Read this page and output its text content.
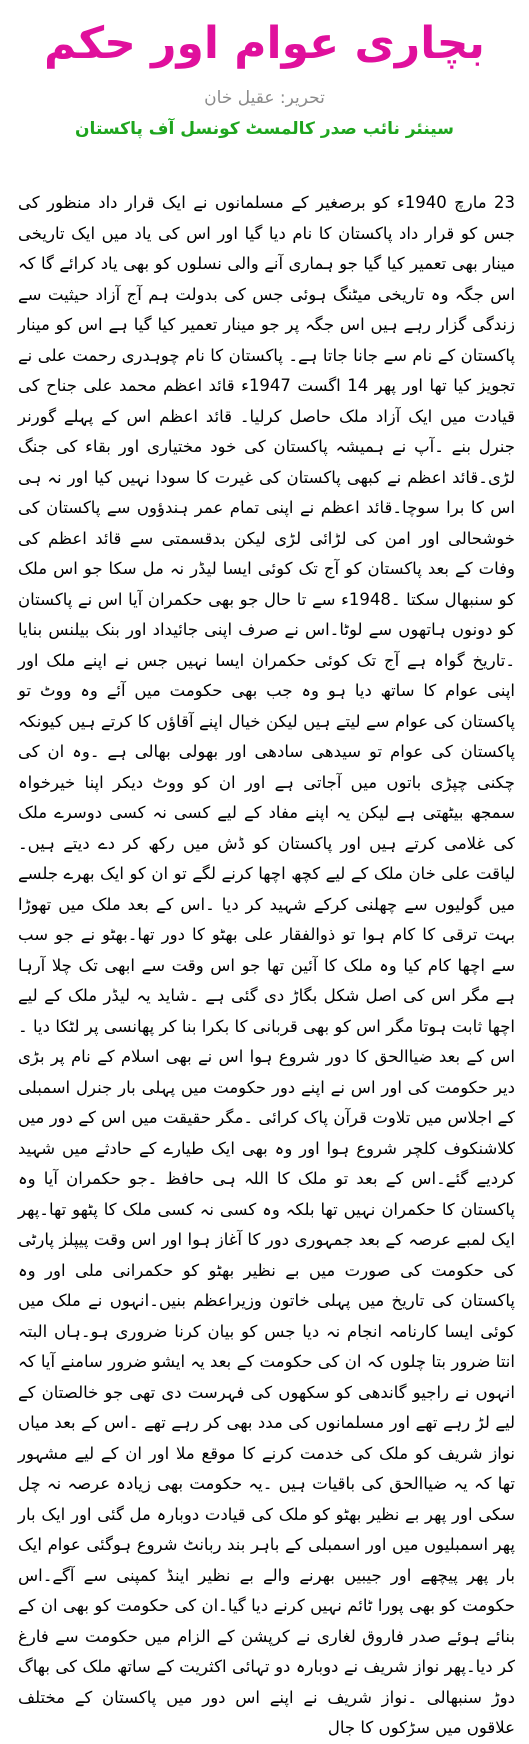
بچاری عوام اور حکم
تحریر: عقیل خان
سینئر نائب صدر کالمسٹ کونسل آف پاکستان
23 مارچ 1940ء کو برصغیر کے مسلمانوں نے ایک قرار داد منظور کی جس کو قرار داد پاکستان کا نام دیا گیا اور اس کی یاد میں ایک تاریخی مینار بھی تعمیر کیا گیا جو ہماری آنے والی نسلوں کو بھی یاد کرائے گا کہ اس جگہ وہ تاریخی میٹنگ ہوئی جس کی بدولت ہم آج آزاد حیثیت سے زندگی گزار رہے ہیں اس جگہ پر جو مینار تعمیر کیا گیا ہے اس کو مینار پاکستان کے نام سے جانا جاتا ہے۔ پاکستان کا نام چوہدری رحمت علی نے تجویز کیا تھا اور پھر 14 اگست 1947ء قائد اعظم محمد علی جناح کی قیادت میں ایک آزاد ملک حاصل کرلیا۔ قائد اعظم اس کے پہلے گورنر جنرل بنے ۔آپ نے ہمیشہ پاکستان کی خود مختیاری اور بقاء کی جنگ لڑی۔قائد اعظم نے کبھی پاکستان کی غیرت کا سودا نہیں کیا اور نہ ہی اس کا برا سوچا۔قائد اعظم نے اپنی تمام عمر ہندؤوں سے پاکستان کی خوشحالی اور امن کی لڑائی لڑی لیکن بدقسمتی سے قائد اعظم کی وفات کے بعد پاکستان کو آج تک کوئی ایسا لیڈر نہ مل سکا جو اس ملک کو سنبھال سکتا ۔1948ء سے تا حال جو بھی حکمران آیا اس نے پاکستان کو دونوں ہاتھوں سے لوٹا۔اس نے صرف اپنی جائیداد اور بنک بیلنس بنایا ۔تاریخ گواہ ہے آج تک کوئی حکمران ایسا نہیں جس نے اپنے ملک اور اپنی عوام کا ساتھ دیا ہو وہ جب بھی حکومت میں آئے وہ ووٹ تو پاکستان کی عوام سے لیتے ہیں لیکن خیال اپنے آقاؤں کا کرتے ہیں کیونکہ پاکستان کی عوام تو سیدھی سادھی اور بھولی بھالی ہے ۔وہ ان کی چکنی چپڑی باتوں میں آجاتی ہے اور ان کو ووٹ دیکر اپنا خیرخواہ سمجھ بیٹھتی ہے لیکن یہ اپنے مفاد کے لیے کسی نہ کسی دوسرے ملک کی غلامی کرتے ہیں اور پاکستان کو ڈش میں رکھ کر دے دیتے ہیں۔لیاقت علی خان ملک کے لیے کچھ اچھا کرنے لگے تو ان کو ایک بھرے جلسے میں گولیوں سے چھلنی کرکے شہید کر دیا ۔اس کے بعد ملک میں تھوڑا بہت ترقی کا کام ہوا تو ذوالفقار علی بھٹو کا دور تھا۔بھٹو نے جو سب سے اچھا کام کیا وہ ملک کا آئین تھا جو اس وقت سے ابھی تک چلا آرہا ہے مگر اس کی اصل شکل بگاڑ دی گئی ہے ۔شاید یہ لیڈر ملک کے لیے اچھا ثابت ہوتا مگر اس کو بھی قربانی کا بکرا بنا کر پھانسی پر لٹکا دیا ۔اس کے بعد ضیاالحق کا دور شروع ہوا اس نے بھی اسلام کے نام پر بڑی دیر حکومت کی اور اس نے اپنے دور حکومت میں پہلی بار جنرل اسمبلی کے اجلاس میں تلاوت قرآن پاک کرائی ۔مگر حقیقت میں اس کے دور میں کلاشنکوف کلچر شروع ہوا اور وہ بھی ایک طیارے کے حادثے میں شہید کردیے گئے۔اس کے بعد تو ملک کا اللہ ہی حافظ ۔جو حکمران آیا وہ پاکستان کا حکمران نہیں تھا بلکہ وہ کسی نہ کسی ملک کا پٹھو تھا۔پھر ایک لمبے عرصہ کے بعد جمہوری دور کا آغاز ہوا اور اس وقت پیپلز پارٹی کی حکومت کی صورت میں بے نظیر بھٹو کو حکمرانی ملی اور وہ پاکستان کی تاریخ میں پہلی خاتون وزیراعظم بنیں۔انہوں نے ملک میں کوئی ایسا کارنامہ انجام نہ دیا جس کو بیان کرنا ضروری ہو۔ہاں البتہ انتا ضرور بتا چلوں کہ ان کی حکومت کے بعد یہ ایشو ضرور سامنے آیا کہ انہوں نے راجیو گاندھی کو سکھوں کی فہرست دی تھی جو خالصتان کے لیے لڑ رہے تھے اور مسلمانوں کی مدد بھی کر رہے تھے ۔اس کے بعد میاں نواز شریف کو ملک کی خدمت کرنے کا موقع ملا اور ان کے لیے مشہور تھا کہ یہ ضیاالحق کی باقیات ہیں ۔یہ حکومت بھی زیادہ عرصہ نہ چل سکی اور پھر بے نظیر بھٹو کو ملک کی قیادت دوبارہ مل گئی اور ایک بار پھر اسمبلیوں میں اور اسمبلی کے باہر بند ربانٹ شروع ہوگئی عوام ایک بار پھر پیچھے اور جیبیں بھرنے والے بے نظیر اینڈ کمپنی سے آگے۔اس حکومت کو بھی پورا ٹائم نہیں کرنے دیا گیا۔ان کی حکومت کو بھی ان کے بنائے ہوئے صدر فاروق لغاری نے کرپشن کے الزام میں حکومت سے فارغ کر دیا۔پھر نواز شریف نے دوبارہ دو تہائی اکثریت کے ساتھ ملک کی بھاگ دوڑ سنبھالی ۔نواز شریف نے اپنے اس دور میں پاکستان کے مختلف علاقوں میں سڑکوں کا جال
